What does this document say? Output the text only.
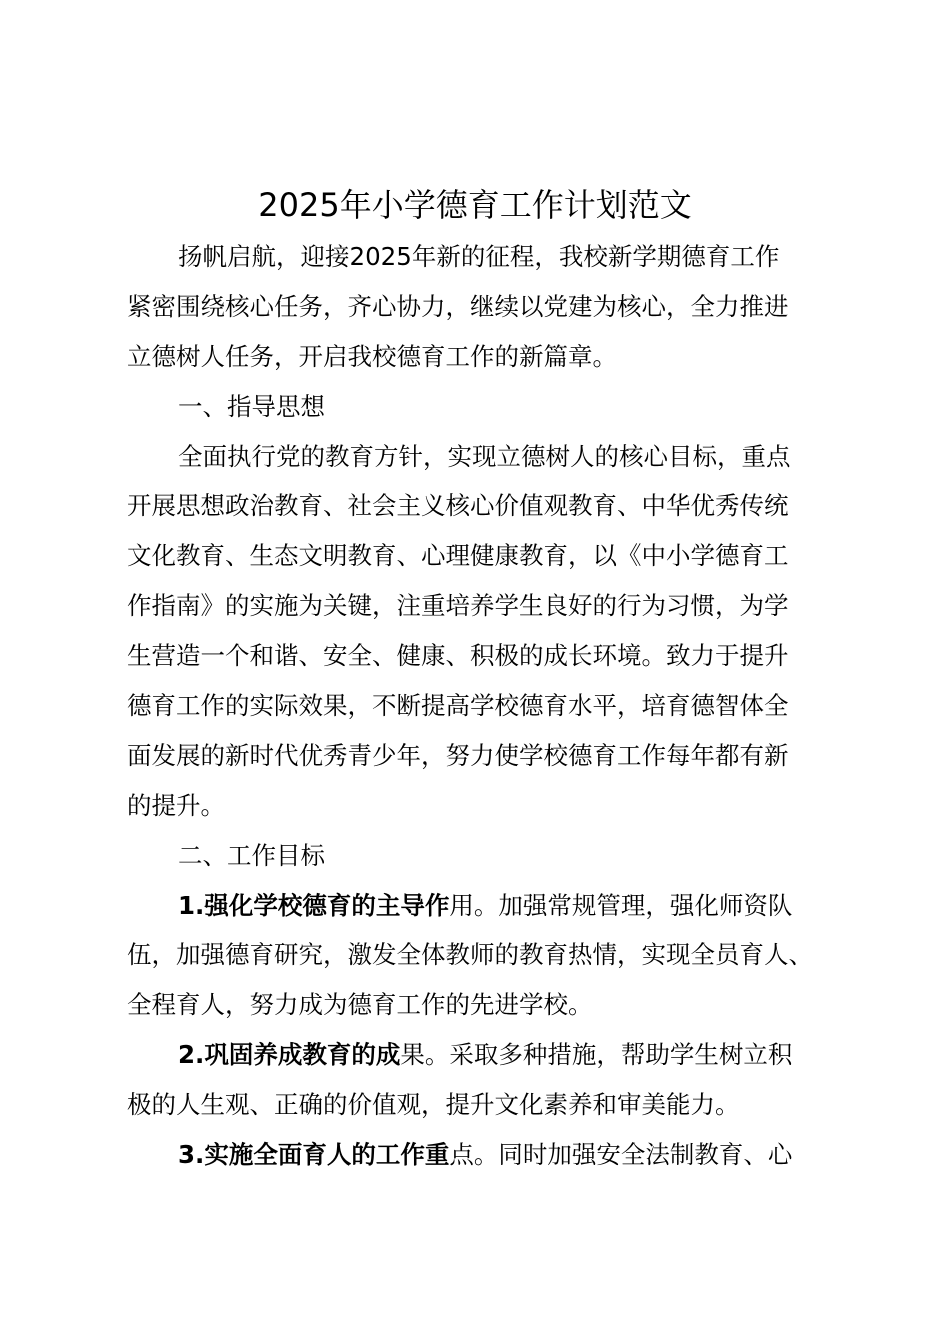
2025年小学德育工作计划范文
扬帆启航，迎接2025年新的征程，我校新学期德育工作
紧密围绕核心任务，齐心协力，继续以党建为核心，全力推进
立德树人任务，开启我校德育工作的新篇章。
一、指导思想
全面执行党的教育方针，实现立德树人的核心目标，重点
开展思想政治教育、社会主义核心价值观教育、中华优秀传统
文化教育、生态文明教育、心理健康教育，以《中小学德育工
作指南》的实施为关键，注重培养学生良好的行为习惯，为学
生营造一个和谐、安全、健康、积极的成长环境。致力于提升
德育工作的实际效果，不断提高学校德育水平，培育德智体全
面发展的新时代优秀青少年，努力使学校德育工作每年都有新
的提升。
二、工作目标
1.强化学校德育的主导作用。加强常规管理，强化师资队
伍，加强德育研究，激发全体教师的教育热情，实现全员育人、
全程育人，努力成为德育工作的先进学校。
2.巩固养成教育的成果。采取多种措施，帮助学生树立积
极的人生观、正确的价值观，提升文化素养和审美能力。
3.实施全面育人的工作重点。同时加强安全法制教育、心
